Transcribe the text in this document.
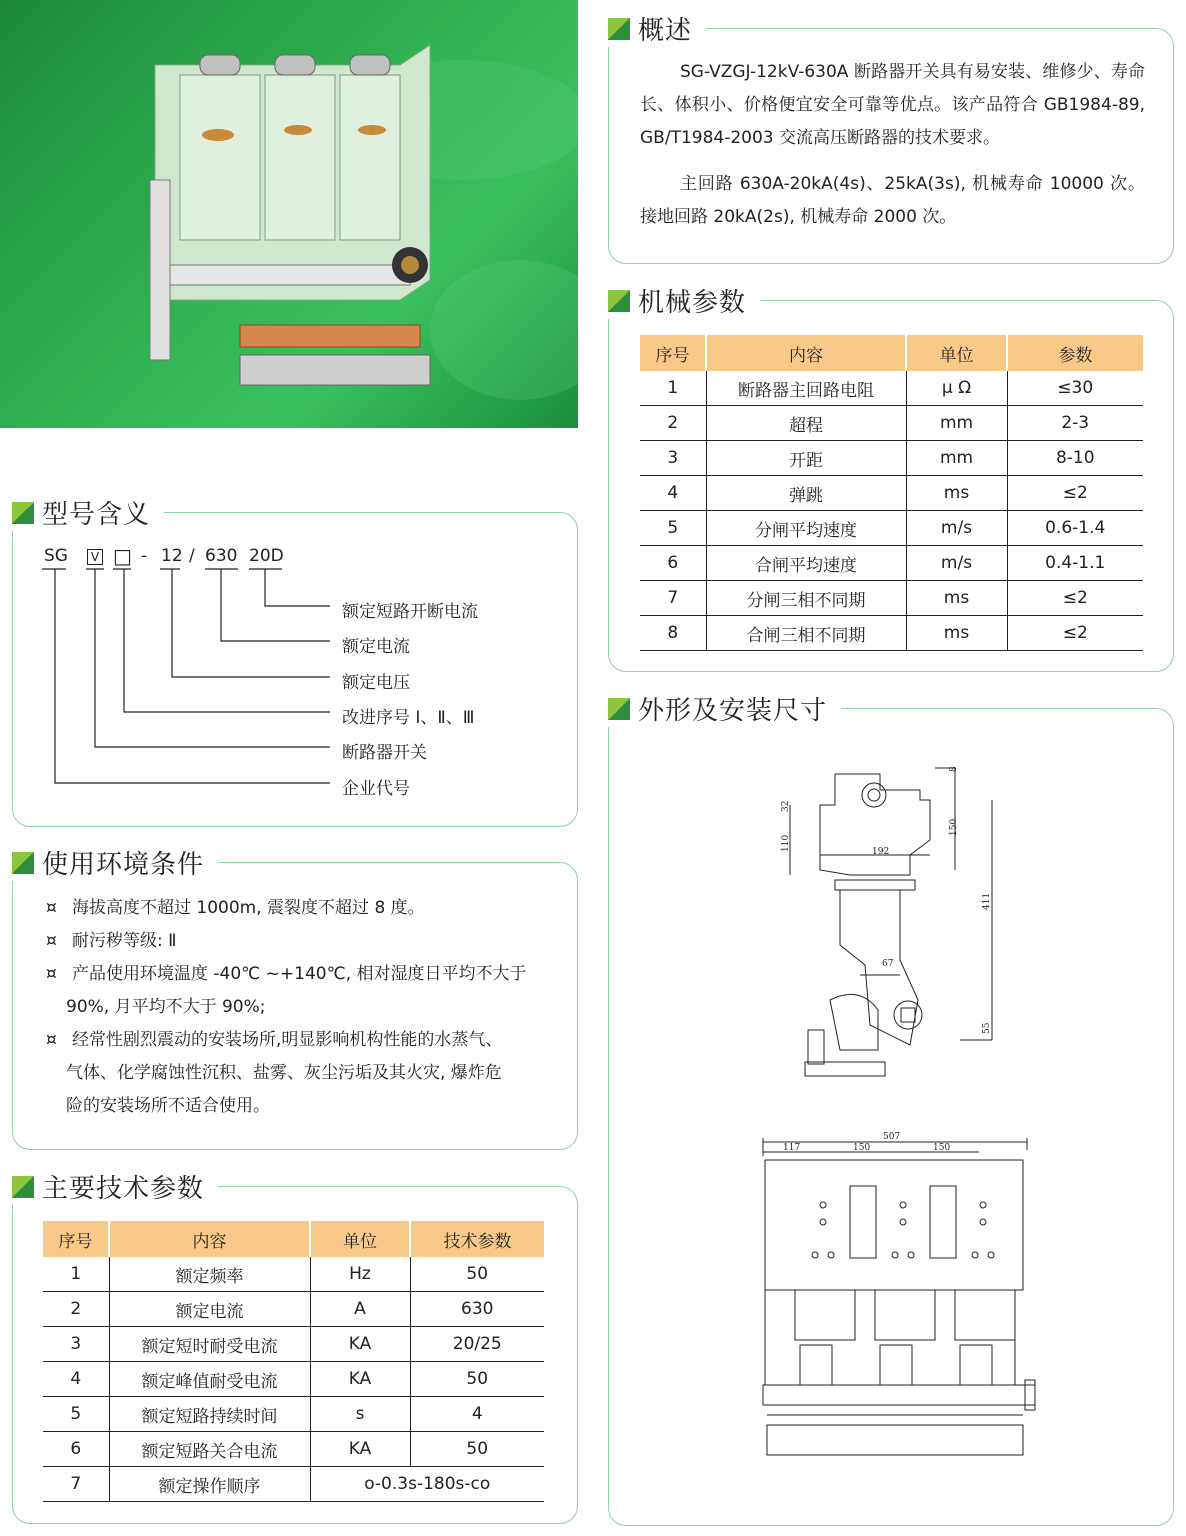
概述
SG-VZGJ-12kV-630A 断路器开关具有易安装、维修少、寿命长、体积小、价格便宜安全可靠等优点。该产品符合 GB1984-89, GB/T1984-2003 交流高压断路器的技术要求。
主回路 630A-20kA(4s)、25kA(3s), 机械寿命 10000 次。接地回路 20kA(2s), 机械寿命 2000 次。
机械参数
序号	内容	单位	参数
1	断路器主回路电阻	μ Ω	≤30
2	超程	mm	2-3
3	开距	mm	8-10
4	弹跳	ms	≤2
5	分闸平均速度	m/s	0.6-1.4
6	合闸平均速度	m/s	0.4-1.1
7	分闸三相不同期	ms	≤2
8	合闸三相不同期	ms	≤2
型号含义
SG	V □ - 12 / 630 20D
额定短路开断电流
额定电流
额定电压
改进序号 Ⅰ、Ⅱ、Ⅲ
断路器开关
企业代号
使用环境条件
¤ 海拔高度不超过 1000m, 震裂度不超过 8 度。
¤ 耐污秽等级: Ⅱ
¤ 产品使用环境温度 -40℃ ~+140℃, 相对湿度日平均不大于
90%, 月平均不大于 90%;
¤ 经常性剧烈震动的安装场所,明显影响机构性能的水蒸气、
气体、化学腐蚀性沉积、盐雾、灰尘污垢及其火灾, 爆炸危
险的安装场所不适合使用。
主要技术参数
序号	内容	单位	技术参数
1	额定频率	Hz	50
2	额定电流	A	630
3	额定短时耐受电流	KA	20/25
4	额定峰值耐受电流	KA	50
5	额定短路持续时间	s	4
6	额定短路关合电流	KA	50
7	额定操作顺序	o-0.3s-180s-co	
外形及安装尺寸
8
32
150
110	192
411
67
55
507
117	150	150
